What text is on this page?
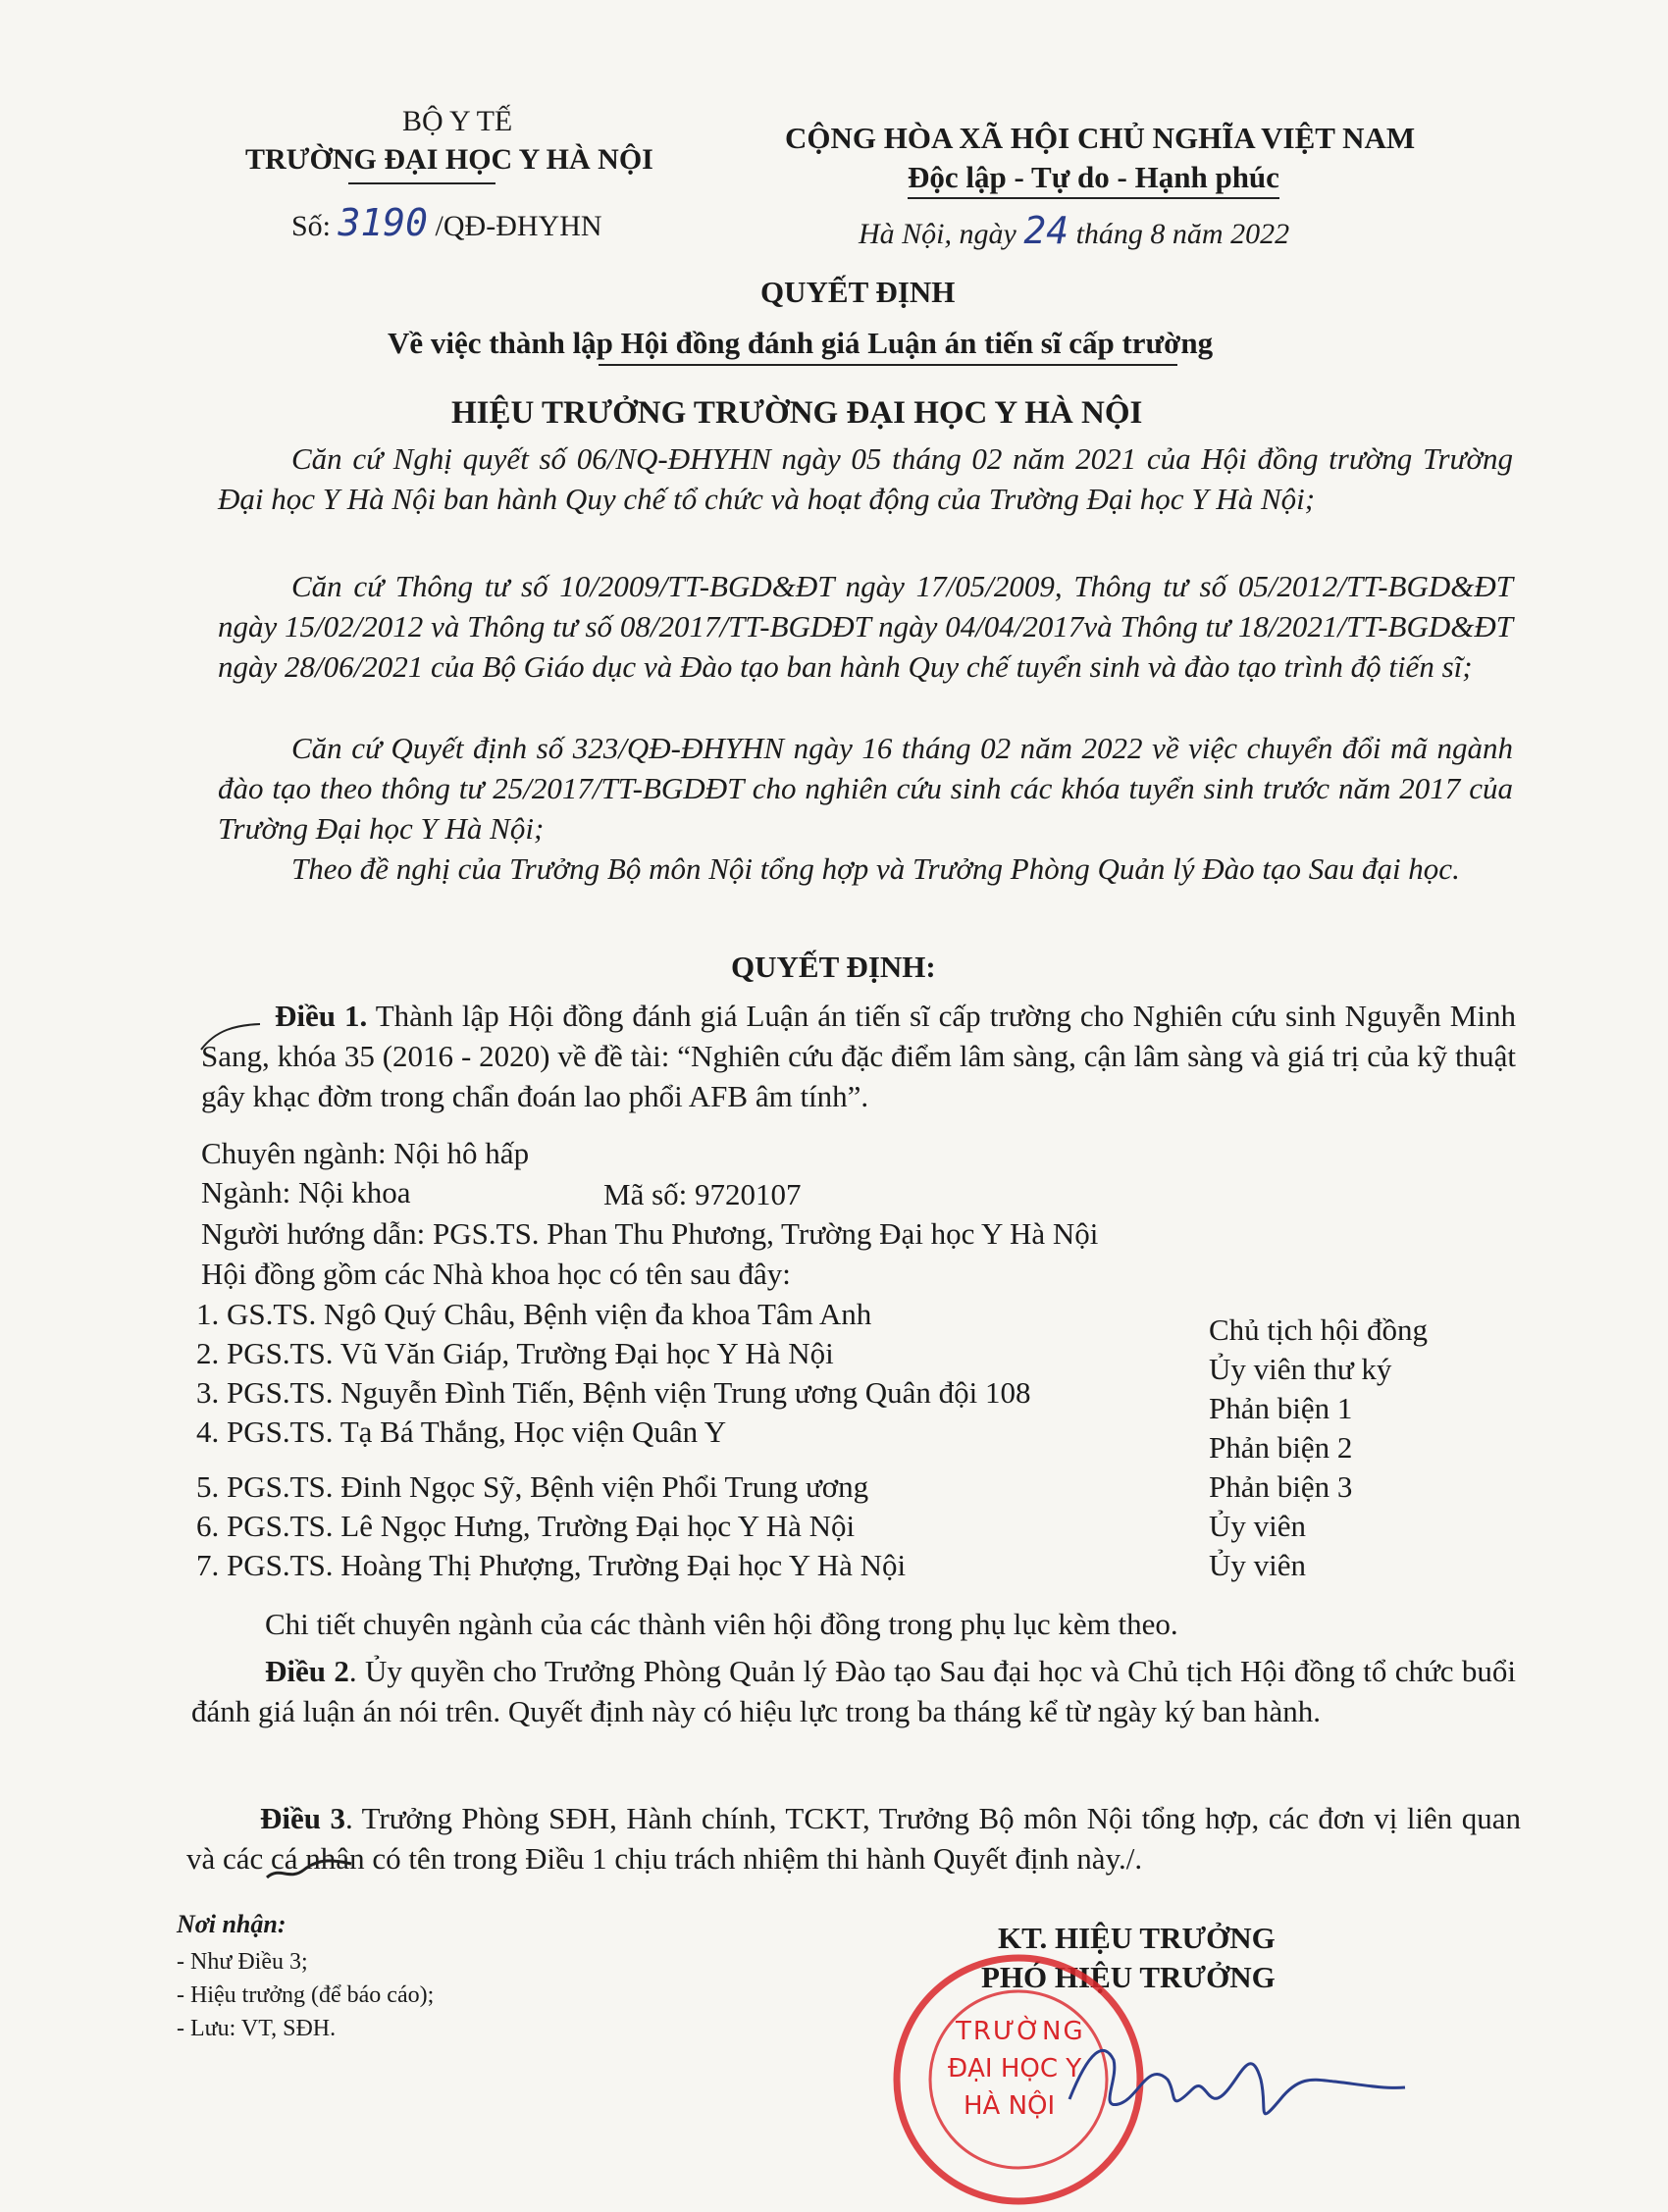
BỘ Y TẾ
TRƯỜNG ĐẠI HỌC Y HÀ NỘI
Số: 3190 /QĐ-ĐHYHN
CỘNG HÒA XÃ HỘI CHỦ NGHĨA VIỆT NAM
Độc lập - Tự do - Hạnh phúc
Hà Nội, ngày 24 tháng 8 năm 2022
QUYẾT ĐỊNH
Về việc thành lập Hội đồng đánh giá Luận án tiến sĩ cấp trường
HIỆU TRƯỞNG TRƯỜNG ĐẠI HỌC Y HÀ NỘI
Căn cứ Nghị quyết số 06/NQ-ĐHYHN ngày 05 tháng 02 năm 2021 của Hội đồng trường Trường Đại học Y Hà Nội ban hành Quy chế tổ chức và hoạt động của Trường Đại học Y Hà Nội;
Căn cứ Thông tư số 10/2009/TT-BGD&ĐT ngày 17/05/2009, Thông tư số 05/2012/TT-BGD&ĐT ngày 15/02/2012 và Thông tư số 08/2017/TT-BGDĐT ngày 04/04/2017và Thông tư 18/2021/TT-BGD&ĐT ngày 28/06/2021 của Bộ Giáo dục và Đào tạo ban hành Quy chế tuyển sinh và đào tạo trình độ tiến sĩ;
Căn cứ Quyết định số 323/QĐ-ĐHYHN ngày 16 tháng 02 năm 2022 về việc chuyển đổi mã ngành đào tạo theo thông tư 25/2017/TT-BGDĐT cho nghiên cứu sinh các khóa tuyển sinh trước năm 2017 của Trường Đại học Y Hà Nội;
Theo đề nghị của Trưởng Bộ môn Nội tổng hợp và Trưởng Phòng Quản lý Đào tạo Sau đại học.
QUYẾT ĐỊNH:
Điều 1. Thành lập Hội đồng đánh giá Luận án tiến sĩ cấp trường cho Nghiên cứu sinh Nguyễn Minh Sang, khóa 35 (2016 - 2020) về đề tài: “Nghiên cứu đặc điểm lâm sàng, cận lâm sàng và giá trị của kỹ thuật gây khạc đờm trong chẩn đoán lao phổi AFB âm tính”.
Chuyên ngành: Nội hô hấp
Ngành: Nội khoa	Mã số: 9720107
Người hướng dẫn: PGS.TS. Phan Thu Phương, Trường Đại học Y Hà Nội
Hội đồng gồm các Nhà khoa học có tên sau đây:
1. GS.TS. Ngô Quý Châu, Bệnh viện đa khoa Tâm Anh	Chủ tịch hội đồng
2. PGS.TS. Vũ Văn Giáp, Trường Đại học Y Hà Nội	Ủy viên thư ký
3. PGS.TS. Nguyễn Đình Tiến, Bệnh viện Trung ương Quân đội 108	Phản biện 1
4. PGS.TS. Tạ Bá Thắng, Học viện Quân Y	Phản biện 2
5. PGS.TS. Đinh Ngọc Sỹ, Bệnh viện Phổi Trung ương	Phản biện 3
6. PGS.TS. Lê Ngọc Hưng, Trường Đại học Y Hà Nội	Ủy viên
7. PGS.TS. Hoàng Thị Phượng, Trường Đại học Y Hà Nội	Ủy viên
Chi tiết chuyên ngành của các thành viên hội đồng trong phụ lục kèm theo.
Điều 2. Ủy quyền cho Trưởng Phòng Quản lý Đào tạo Sau đại học và Chủ tịch Hội đồng tổ chức buổi đánh giá luận án nói trên. Quyết định này có hiệu lực trong ba tháng kể từ ngày ký ban hành.
Điều 3. Trưởng Phòng SĐH, Hành chính, TCKT, Trưởng Bộ môn Nội tổng hợp, các đơn vị liên quan và các cá nhân có tên trong Điều 1 chịu trách nhiệm thi hành Quyết định này./.
Nơi nhận:
- Như Điều 3;
- Hiệu trưởng (để báo cáo);
- Lưu: VT, SĐH.
KT. HIỆU TRƯỞNG
PHÓ HIỆU TRƯỞNG
TRƯỜNG
ĐẠI HỌC Y
HÀ NỘI
